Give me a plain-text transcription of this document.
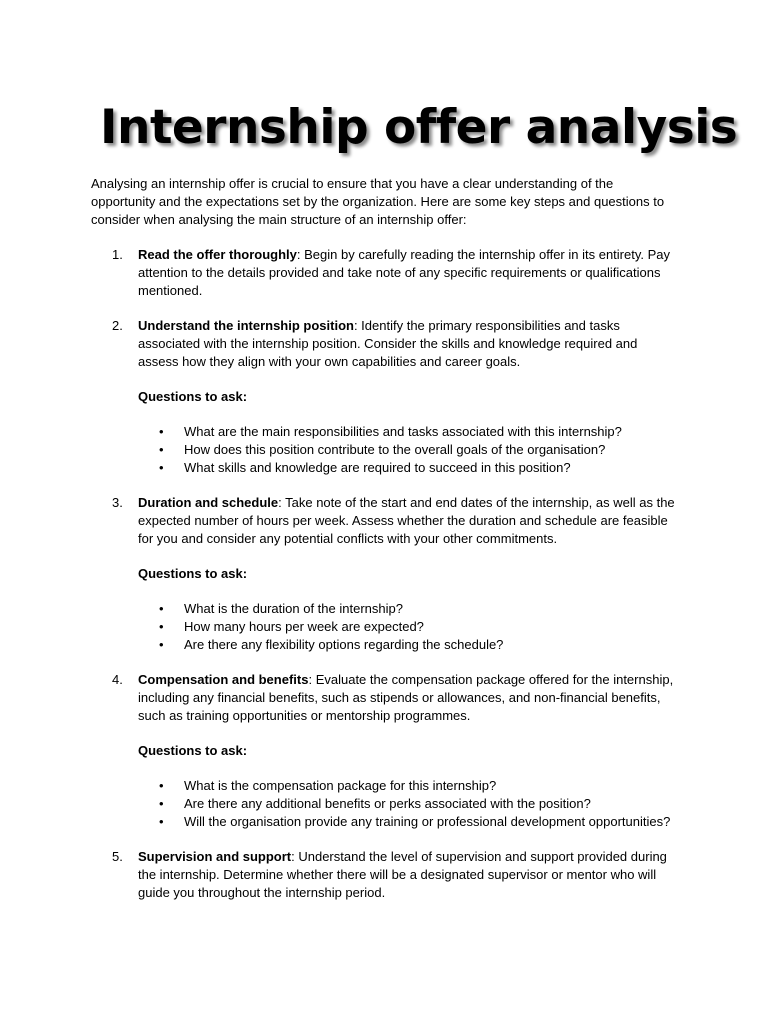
Internship offer analysis

Analysing an internship offer is crucial to ensure that you have a clear understanding of the opportunity and the expectations set by the organization. Here are some key steps and questions to consider when analysing the main structure of an internship offer:

1. Read the offer thoroughly: Begin by carefully reading the internship offer in its entirety. Pay attention to the details provided and take note of any specific requirements or qualifications mentioned.

2. Understand the internship position: Identify the primary responsibilities and tasks associated with the internship position. Consider the skills and knowledge required and assess how they align with your own capabilities and career goals.

Questions to ask:

• What are the main responsibilities and tasks associated with this internship?
• How does this position contribute to the overall goals of the organisation?
• What skills and knowledge are required to succeed in this position?
3. Duration and schedule: Take note of the start and end dates of the internship, as well as the expected number of hours per week. Assess whether the duration and schedule are feasible for you and consider any potential conflicts with your other commitments.

Questions to ask:

• What is the duration of the internship?
• How many hours per week are expected?
• Are there any flexibility options regarding the schedule?
4. Compensation and benefits: Evaluate the compensation package offered for the internship, including any financial benefits, such as stipends or allowances, and non-financial benefits, such as training opportunities or mentorship programmes.

Questions to ask:

• What is the compensation package for this internship?
• Are there any additional benefits or perks associated with the position?
• Will the organisation provide any training or professional development opportunities?
5. Supervision and support: Understand the level of supervision and support provided during the internship. Determine whether there will be a designated supervisor or mentor who will guide you throughout the internship period.
